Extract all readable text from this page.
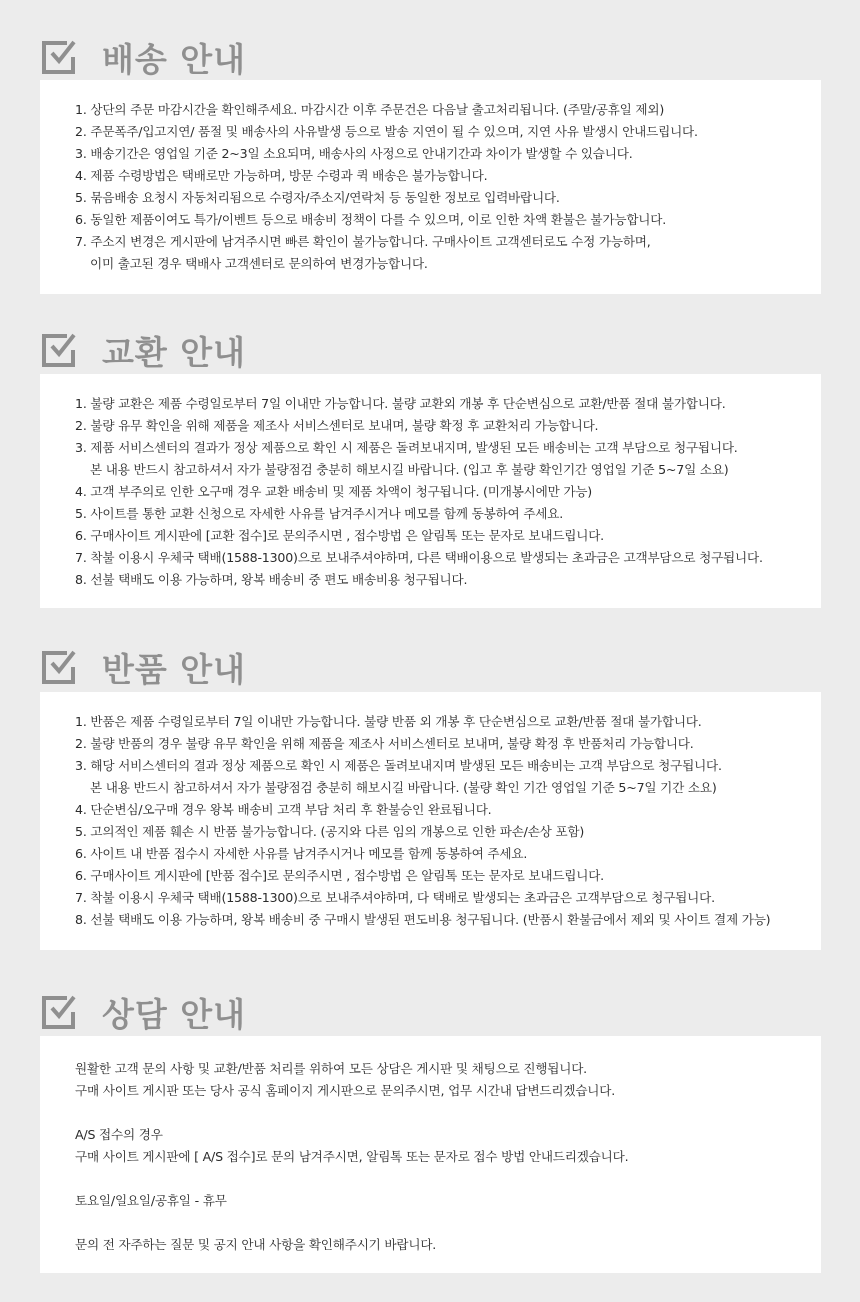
배송 안내
1. 상단의 주문 마감시간을 확인해주세요. 마감시간 이후 주문건은 다음날 출고처리됩니다. (주말/공휴일 제외)
2. 주문폭주/입고지연/ 품절 및 배송사의 사유발생 등으로 발송 지연이 될 수 있으며, 지연 사유 발생시 안내드립니다.
3. 배송기간은 영업일 기준 2~3일 소요되며, 배송사의 사정으로 안내기간과 차이가 발생할 수 있습니다.
4. 제품 수령방법은 택배로만 가능하며, 방문 수령과 퀵 배송은 불가능합니다.
5. 묶음배송 요청시 자동처리됨으로 수령자/주소지/연락처 등 동일한 정보로 입력바랍니다.
6. 동일한 제품이여도 특가/이벤트 등으로 배송비 정책이 다를 수 있으며, 이로 인한 차액 환불은 불가능합니다.
7. 주소지 변경은 게시판에 남겨주시면 빠른 확인이 불가능합니다. 구매사이트 고객센터로도 수정 가능하며,
이미 출고된 경우 택배사 고객센터로 문의하여 변경가능합니다.
교환 안내
1. 불량 교환은 제품 수령일로부터 7일 이내만 가능합니다. 불량 교환외 개봉 후 단순변심으로 교환/반품 절대 불가합니다.
2. 불량 유무 확인을 위해 제품을 제조사 서비스센터로 보내며, 불량 확정 후 교환처리 가능합니다.
3. 제품 서비스센터의 결과가 정상 제품으로 확인 시 제품은 돌려보내지며, 발생된 모든 배송비는 고객 부담으로 청구됩니다.
본 내용 반드시 참고하셔서 자가 불량점검 충분히 해보시길 바랍니다. (입고 후 불량 확인기간 영업일 기준 5~7일 소요)
4. 고객 부주의로 인한 오구매 경우 교환 배송비 및 제품 차액이 청구됩니다. (미개봉시에만 가능)
5. 사이트를 통한 교환 신청으로 자세한 사유를 남겨주시거나 메모를 함께 동봉하여 주세요.
6. 구매사이트 게시판에 [교환 접수]로 문의주시면 , 접수방법 은 알림톡 또는 문자로 보내드립니다.
7. 착불 이용시 우체국 택배(1588-1300)으로 보내주셔야하며, 다른 택배이용으로 발생되는 초과금은 고객부담으로 청구됩니다.
8. 선불 택배도 이용 가능하며, 왕복 배송비 중 편도 배송비용 청구됩니다.
반품 안내
1. 반품은 제품 수령일로부터 7일 이내만 가능합니다. 불량 반품 외 개봉 후 단순변심으로 교환/반품 절대 불가합니다.
2. 불량 반품의 경우 불량 유무 확인을 위해 제품을 제조사 서비스센터로 보내며, 불량 확정 후 반품처리 가능합니다.
3. 해당 서비스센터의 결과 정상 제품으로 확인 시 제품은 돌려보내지며 발생된 모든 배송비는 고객 부담으로 청구됩니다.
본 내용 반드시 참고하셔서 자가 불량점검 충분히 해보시길 바랍니다. (불량 확인 기간 영업일 기준 5~7일 기간 소요)
4. 단순변심/오구매 경우 왕복 배송비 고객 부담 처리 후 환불승인 완료됩니다.
5. 고의적인 제품 훼손 시 반품 불가능합니다. (공지와 다른 임의 개봉으로 인한 파손/손상 포함)
6. 사이트 내 반품 접수시 자세한 사유를 남겨주시거나 메모를 함께 동봉하여 주세요.
6. 구매사이트 게시판에 [반품 접수]로 문의주시면 , 접수방법 은 알림톡 또는 문자로 보내드립니다.
7. 착불 이용시 우체국 택배(1588-1300)으로 보내주셔야하며, 다 택배로 발생되는 초과금은 고객부담으로 청구됩니다.
8. 선불 택배도 이용 가능하며, 왕복 배송비 중 구매시 발생된 편도비용 청구됩니다. (반품시 환불금에서 제외 및 사이트 결제 가능)
상담 안내

원활한 고객 문의 사항 및 교환/반품 처리를 위하여 모든 상담은 게시판 및 채팅으로 진행됩니다.

구매 사이트 게시판 또는 당사 공식 홈페이지 게시판으로 문의주시면, 업무 시간내 답변드리겠습니다.

A/S 접수의 경우

구매 사이트 게시판에 [ A/S 접수]로 문의 남겨주시면, 알림톡 또는 문자로 접수 방법 안내드리겠습니다.

토요일/일요일/공휴일 - 휴무

문의 전 자주하는 질문 및 공지 안내 사항을 확인해주시기 바랍니다.
